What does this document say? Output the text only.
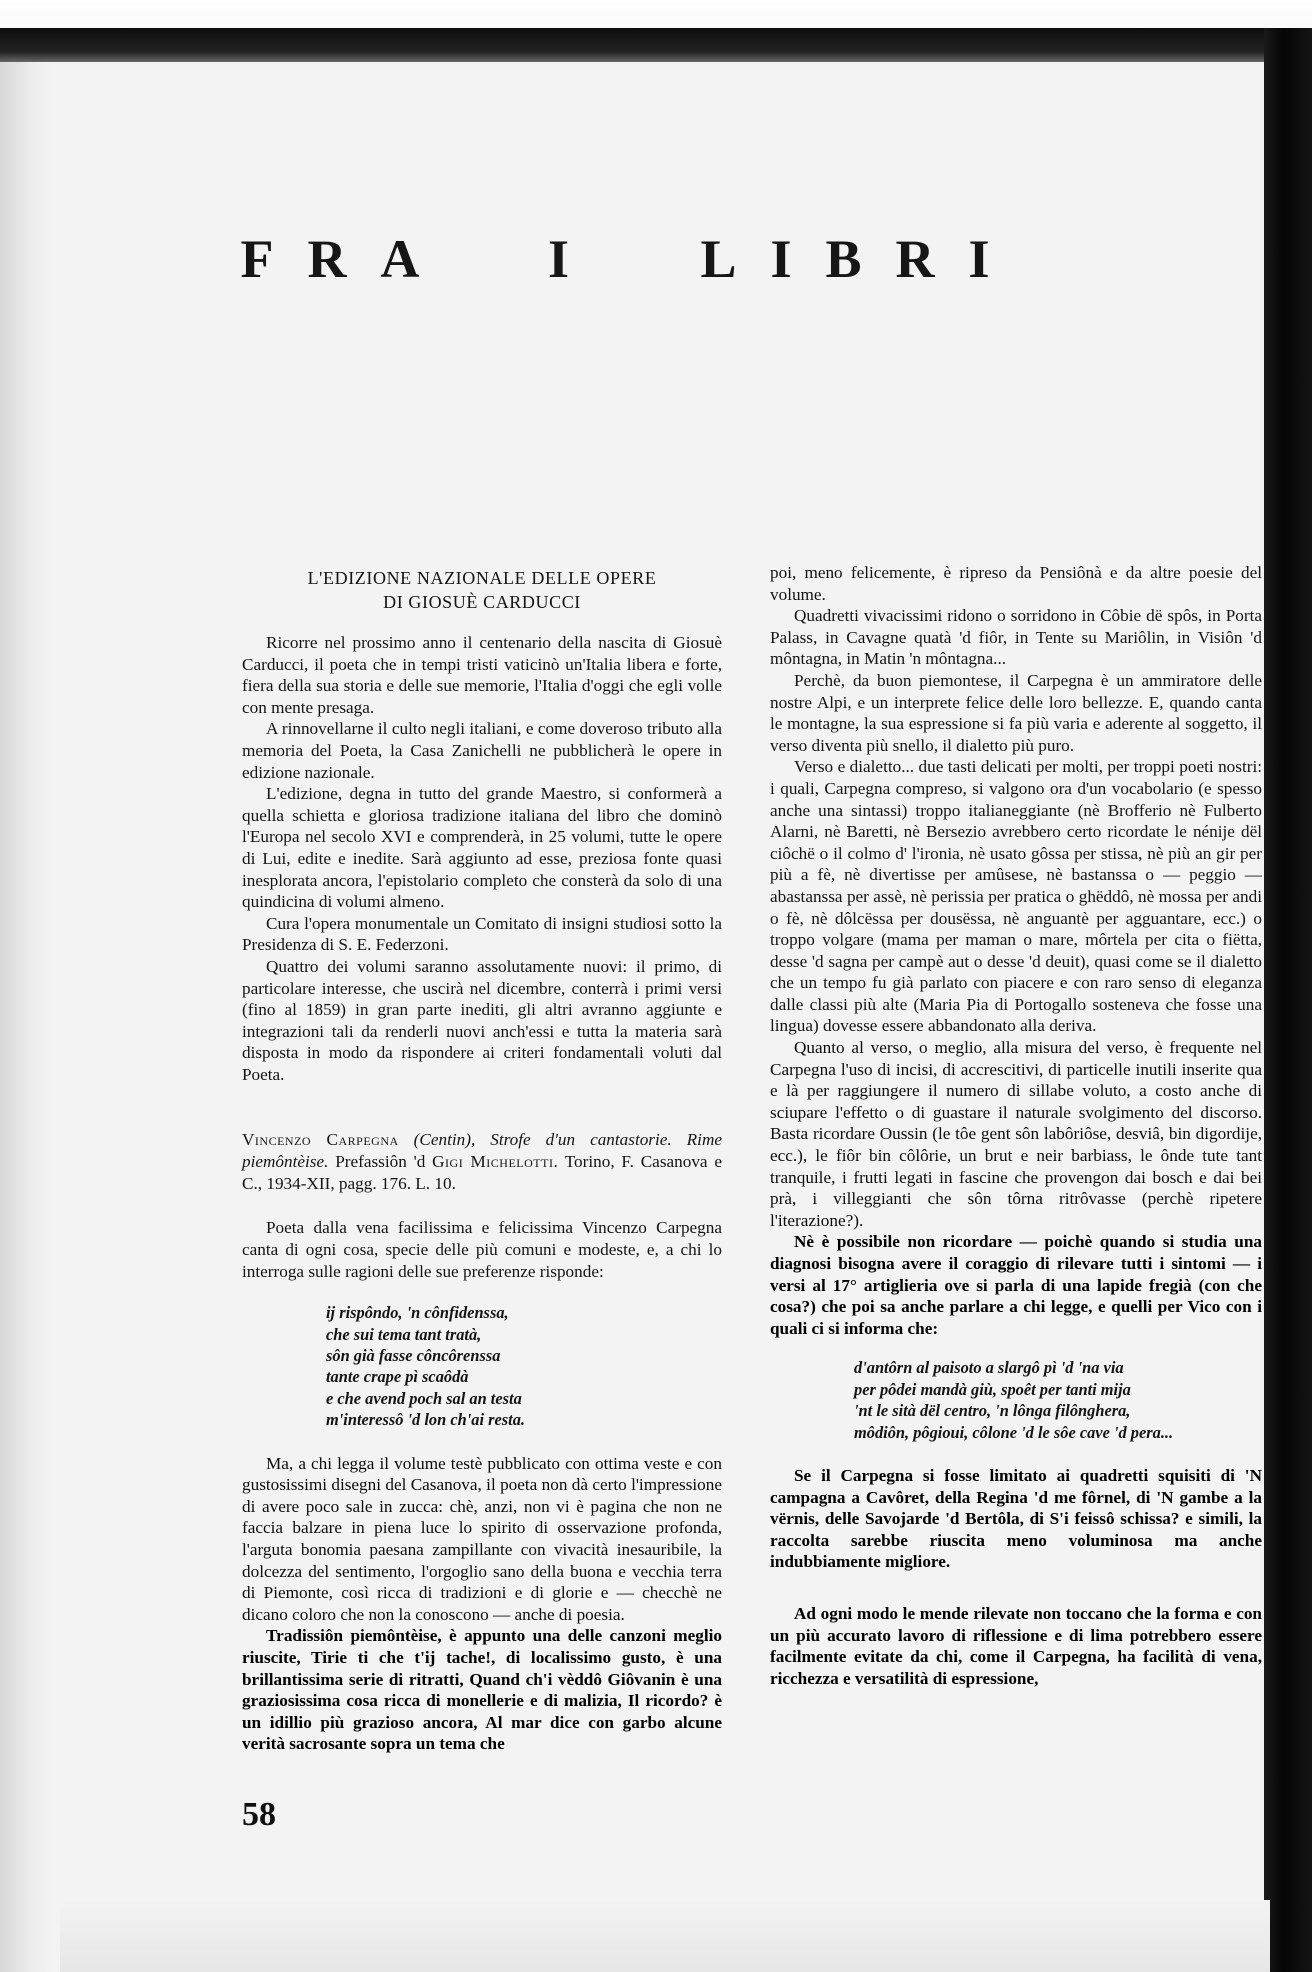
FRA I LIBRI
L'EDIZIONE NAZIONALE DELLE OPERE
DI GIOSUÈ CARDUCCI

Ricorre nel prossimo anno il centenario della nascita di Giosuè Carducci, il poeta che in tempi tristi vaticinò un'Italia libera e forte, fiera della sua storia e delle sue memorie, l'Italia d'oggi che egli volle con mente presaga.

A rinnovellarne il culto negli italiani, e come doveroso tributo alla memoria del Poeta, la Casa Zanichelli ne pubblicherà le opere in edizione nazionale.

L'edizione, degna in tutto del grande Maestro, si conformerà a quella schietta e gloriosa tradizione italiana del libro che dominò l'Europa nel secolo XVI e comprenderà, in 25 volumi, tutte le opere di Lui, edite e inedite. Sarà aggiunto ad esse, preziosa fonte quasi inesplorata ancora, l'epistolario completo che consterà da solo di una quindicina di volumi almeno.

Cura l'opera monumentale un Comitato di insigni studiosi sotto la Presidenza di S. E. Federzoni.

Quattro dei volumi saranno assolutamente nuovi: il primo, di particolare interesse, che uscirà nel dicembre, conterrà i primi versi (fino al 1859) in gran parte inediti, gli altri avranno aggiunte e integrazioni tali da renderli nuovi anch'essi e tutta la materia sarà disposta in modo da rispondere ai criteri fondamentali voluti dal Poeta.

Vincenzo Carpegna (Centin), Strofe d'un cantastorie. Rime piemôntèise. Prefassiôn 'd Gigi Michelotti. Torino, F. Casanova e C., 1934-XII, pagg. 176. L. 10.

Poeta dalla vena facilissima e felicissima Vincenzo Carpegna canta di ogni cosa, specie delle più comuni e modeste, e, a chi lo interroga sulle ragioni delle sue preferenze risponde:

ij rispôndo, 'n cônfidenssa,
che sui tema tant tratà,
sôn già fasse côncôrenssa
tante crape pì scaôdà
e che avend poch sal an testa
m'interessô 'd lon ch'ai resta.

Ma, a chi legga il volume testè pubblicato con ottima veste e con gustosissimi disegni del Casanova, il poeta non dà certo l'impressione di avere poco sale in zucca: chè, anzi, non vi è pagina che non ne faccia balzare in piena luce lo spirito di osservazione profonda, l'arguta bonomia paesana zampillante con vivacità inesauribile, la dolcezza del sentimento, l'orgoglio sano della buona e vecchia terra di Piemonte, così ricca di tradizioni e di glorie e — checchè ne dicano coloro che non la conoscono — anche di poesia.

Tradissiôn piemôntèise, è appunto una delle canzoni meglio riuscite, Tirie ti che t'ij tache!, di localissimo gusto, è una brillantissima serie di ritratti, Quand ch'i vèddô Giôvanin è una graziosissima cosa ricca di monellerie e di malizia, Il ricordo? è un idillio più grazioso ancora, Al mar dice con garbo alcune verità sacrosante sopra un tema che

poi, meno felicemente, è ripreso da Pensiônà e da altre poesie del volume.

Quadretti vivacissimi ridono o sorridono in Côbie dë spôs, in Porta Palass, in Cavagne quatà 'd fiôr, in Tente su Mariôlin, in Visiôn 'd môntagna, in Matin 'n môntagna...

Perchè, da buon piemontese, il Carpegna è un ammiratore delle nostre Alpi, e un interprete felice delle loro bellezze. E, quando canta le montagne, la sua espressione si fa più varia e aderente al soggetto, il verso diventa più snello, il dialetto più puro.

Verso e dialetto... due tasti delicati per molti, per troppi poeti nostri: i quali, Carpegna compreso, si valgono ora d'un vocabolario (e spesso anche una sintassi) troppo italianeggiante (nè Brofferio nè Fulberto Alarni, nè Baretti, nè Bersezio avrebbero certo ricordate le nénije dël ciôchë o il colmo d' l'ironia, nè usato gôssa per stissa, nè più an gir per più a fè, nè divertisse per amûsese, nè bastanssa o — peggio — abastanssa per assè, nè perissia per pratica o ghëddô, nè mossa per andi o fè, nè dôlcëssa per dousëssa, nè anguantè per agguantare, ecc.) o troppo volgare (mama per maman o mare, môrtela per cita o fiëtta, desse 'd sagna per campè aut o desse 'd deuit), quasi come se il dialetto che un tempo fu già parlato con piacere e con raro senso di eleganza dalle classi più alte (Maria Pia di Portogallo sosteneva che fosse una lingua) dovesse essere abbandonato alla deriva.

Quanto al verso, o meglio, alla misura del verso, è frequente nel Carpegna l'uso di incisi, di accrescitivi, di particelle inutili inserite qua e là per raggiungere il numero di sillabe voluto, a costo anche di sciupare l'effetto o di guastare il naturale svolgimento del discorso. Basta ricordare Oussin (le tôe gent sôn labôriôse, desviâ, bin digordije, ecc.), le fiôr bin côlôrie, un brut e neir barbiass, le ônde tute tant tranquile, i frutti legati in fascine che provengon dai bosch e dai bei prà, i villeggianti che sôn tôrna ritrôvasse (perchè ripetere l'iterazione?).

Nè è possibile non ricordare — poichè quando si studia una diagnosi bisogna avere il coraggio di rilevare tutti i sintomi — i versi al 17° artiglieria ove si parla di una lapide fregià (con che cosa?) che poi sa anche parlare a chi legge, e quelli per Vico con i quali ci si informa che:

d'antôrn al paisoto a slargô pì 'd 'na via
per pôdei mandà giù, spoêt per tanti mija
'nt le sità dël centro, 'n lônga filônghera,
môdiôn, pôgioui, côlone 'd le sôe cave 'd pera...

Se il Carpegna si fosse limitato ai quadretti squisiti di 'N campagna a Cavôret, della Regina 'd me fôrnel, di 'N gambe a la vërnis, delle Savojarde 'd Bertôla, di S'i feissô schissa? e simili, la raccolta sarebbe riuscita meno voluminosa ma anche indubbiamente migliore.

Ad ogni modo le mende rilevate non toccano che la forma e con un più accurato lavoro di riflessione e di lima potrebbero essere facilmente evitate da chi, come il Carpegna, ha facilità di vena, ricchezza e versatilità di espressione,

58
